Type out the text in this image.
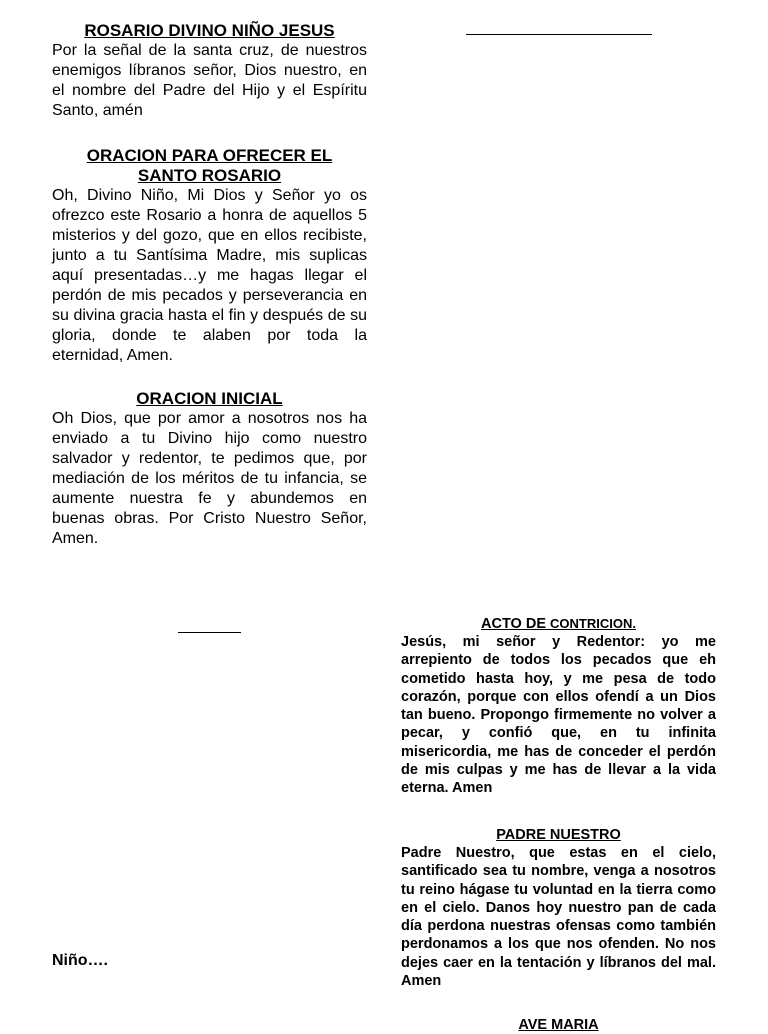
ROSARIO DIVINO NIÑO JESUS

Por la señal de la santa cruz, de nuestros enemigos líbranos señor, Dios nuestro, en el nombre del Padre del Hijo y el Espíritu Santo, amén

ORACION PARA OFRECER EL
SANTO ROSARIO

Oh, Divino Niño, Mi Dios y Señor yo os ofrezco este Rosario a honra de aquellos 5 misterios y del gozo, que en ellos recibiste, junto a tu Santísima Madre, mis suplicas aquí presentadas…y me hagas llegar el perdón de mis pecados y perseverancia en su divina gracia hasta el fin y después de su gloria, donde te alaben por toda la eternidad, Amen.

ORACION INICIAL

Oh Dios, que por amor a nosotros nos ha enviado a tu Divino hijo como nuestro salvador y redentor, te pedimos que, por mediación de los méritos de tu infancia, se aumente nuestra fe y abundemos en buenas obras. Por Cristo Nuestro Señor, Amen.

Niño….

ACTO DE CONTRICION.

Jesús, mi señor y Redentor: yo me arrepiento de todos los pecados que eh cometido hasta hoy, y me pesa de todo corazón, porque con ellos ofendí a un Dios tan bueno. Propongo firmemente no volver a pecar, y confió que, en tu infinita misericordia, me has de conceder el perdón de mis culpas y me has de llevar a la vida eterna. Amen

PADRE NUESTRO

Padre Nuestro, que estas en el cielo, santificado sea tu nombre, venga a nosotros tu reino hágase tu voluntad en la tierra como en el cielo. Danos hoy nuestro pan de cada día perdona nuestras ofensas como también perdonamos a los que nos ofenden. No nos dejes caer en la tentación y líbranos del mal. Amen

AVE MARIA
